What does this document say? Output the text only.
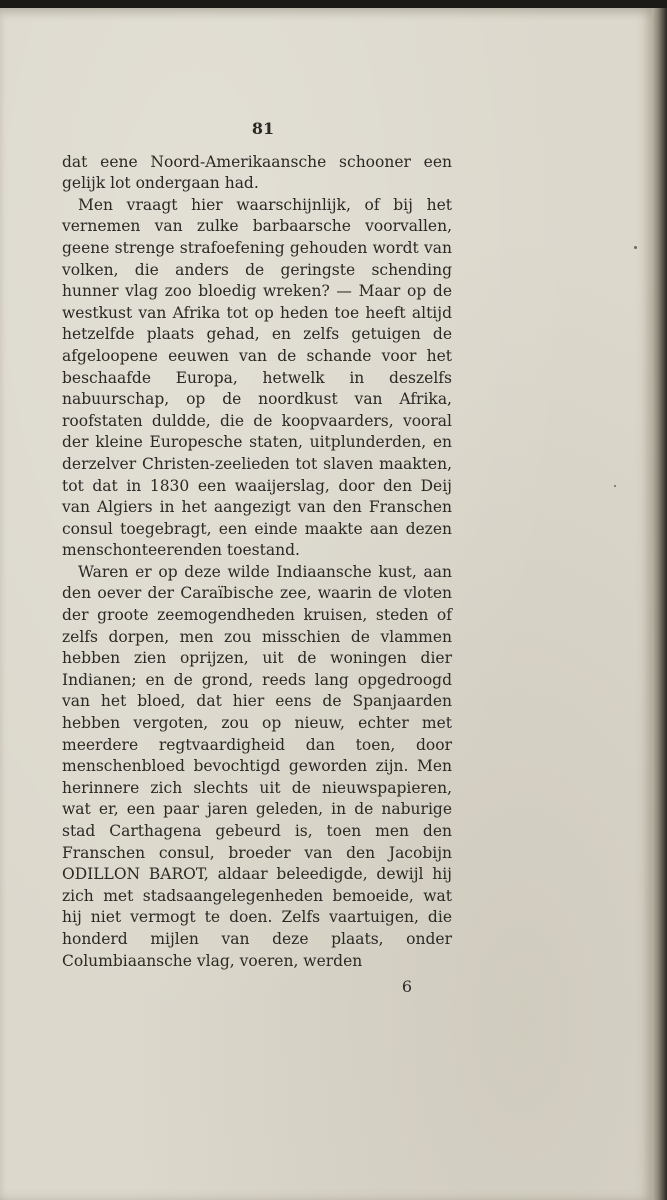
81

dat eene Noord-Amerikaansche schooner een gelijk lot ondergaan had.

Men vraagt hier waarschijnlijk, of bij het vernemen van zulke barbaarsche voorvallen, geene strenge strafoefening gehouden wordt van volken, die anders de geringste schending hunner vlag zoo bloedig wreken? — Maar op de westkust van Afrika tot op heden toe heeft altijd hetzelfde plaats gehad, en zelfs getuigen de afgeloopene eeuwen van de schande voor het beschaafde Europa, hetwelk in deszelfs nabuurschap, op de noordkust van Afrika, roofstaten duldde, die de koopvaarders, vooral der kleine Europesche staten, uitplunderden, en derzelver Christen-zeelieden tot slaven maakten, tot dat in 1830 een waaijerslag, door den Deij van Algiers in het aangezigt van den Franschen consul toegebragt, een einde maakte aan dezen menschonteerenden toestand.

Waren er op deze wilde Indiaansche kust, aan den oever der Caraïbische zee, waarin de vloten der groote zeemogendheden kruisen, steden of zelfs dorpen, men zou misschien de vlammen hebben zien oprijzen, uit de woningen dier Indianen; en de grond, reeds lang opgedroogd van het bloed, dat hier eens de Spanjaarden hebben vergoten, zou op nieuw, echter met meerdere regtvaardigheid dan toen, door menschenbloed bevochtigd geworden zijn. Men herinnere zich slechts uit de nieuwspapieren, wat er, een paar jaren geleden, in de naburige stad Carthagena gebeurd is, toen men den Franschen consul, broeder van den Jacobijn ODILLON BAROT, aldaar beleedigde, dewijl hij zich met stadsaangelegenheden bemoeide, wat hij niet vermogt te doen. Zelfs vaartuigen, die honderd mijlen van deze plaats, onder Columbiaansche vlag, voeren, werden

6
